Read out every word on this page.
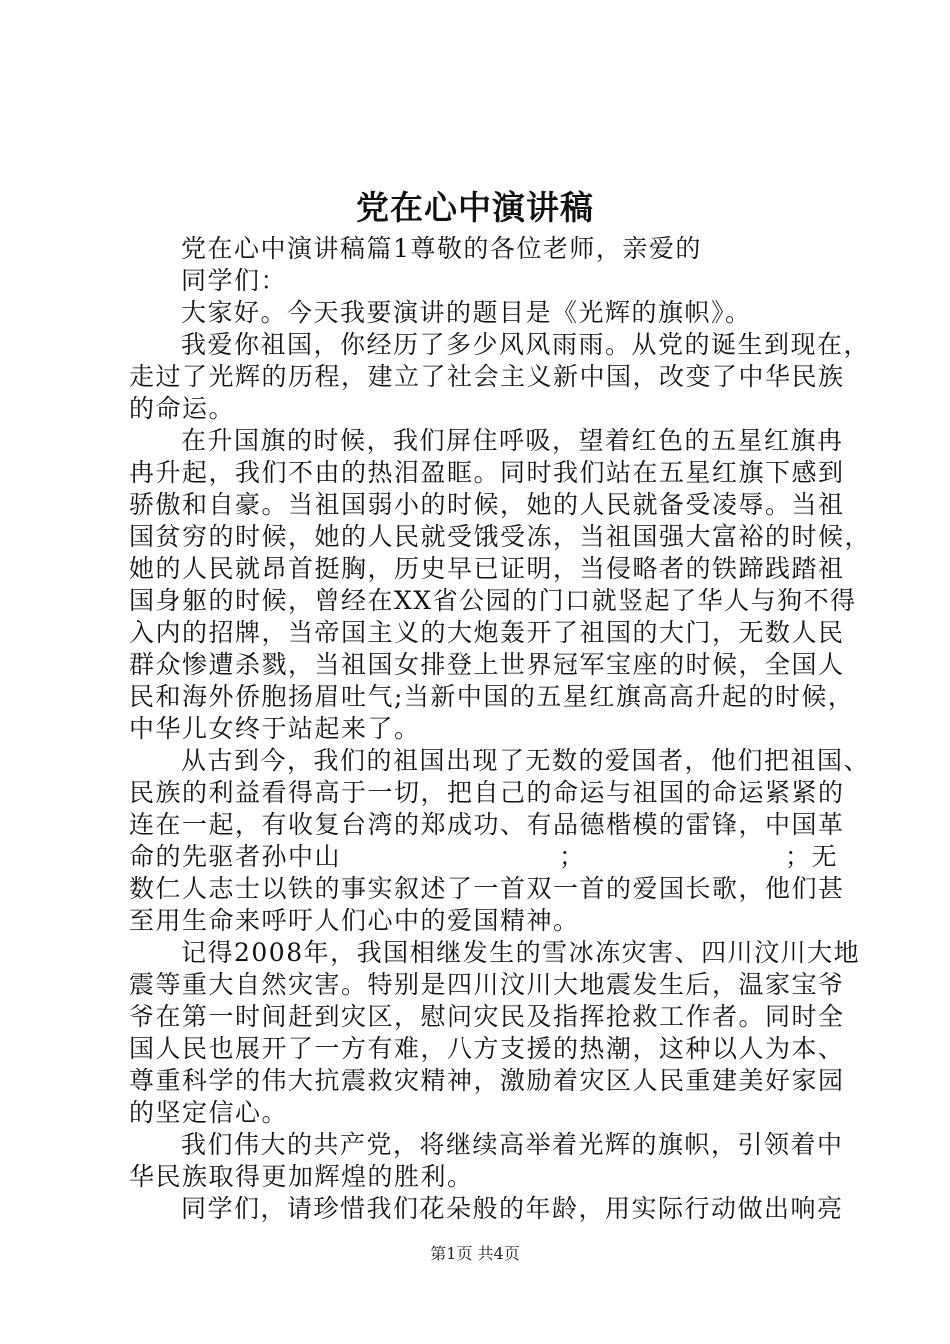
党在心中演讲稿
党在心中演讲稿篇1尊敬的各位老师，亲爱的
同学们：
大家好。今天我要演讲的题目是《光辉的旗帜》。
我爱你祖国，你经历了多少风风雨雨。从党的诞生到现在，
走过了光辉的历程，建立了社会主义新中国，改变了中华民族
的命运。
在升国旗的时候，我们屏住呼吸，望着红色的五星红旗冉
冉升起，我们不由的热泪盈眶。同时我们站在五星红旗下感到
骄傲和自豪。当祖国弱小的时候，她的人民就备受凌辱。当祖
国贫穷的时候，她的人民就受饿受冻，当祖国强大富裕的时候，
她的人民就昂首挺胸，历史早已证明，当侵略者的铁蹄践踏祖
国身躯的时候，曾经在XX省公园的门口就竖起了华人与狗不得
入内的招牌，当帝国主义的大炮轰开了祖国的大门，无数人民
群众惨遭杀戮，当祖国女排登上世界冠军宝座的时候，全国人
民和海外侨胞扬眉吐气;当新中国的五星红旗高高升起的时候，
中华儿女终于站起来了。
从古到今，我们的祖国出现了无数的爱国者，他们把祖国、
民族的利益看得高于一切，把自己的命运与祖国的命运紧紧的
连在一起，有收复台湾的郑成功、有品德楷模的雷锋，中国革
命的先驱者孙中山	；	；无
数仁人志士以铁的事实叙述了一首双一首的爱国长歌，他们甚
至用生命来呼吁人们心中的爱国精神。
记得2008年，我国相继发生的雪冰冻灾害、四川汶川大地
震等重大自然灾害。特别是四川汶川大地震发生后，温家宝爷
爷在第一时间赶到灾区，慰问灾民及指挥抢救工作者。同时全
国人民也展开了一方有难，八方支援的热潮，这种以人为本、
尊重科学的伟大抗震救灾精神，激励着灾区人民重建美好家园
的坚定信心。
我们伟大的共产党，将继续高举着光辉的旗帜，引领着中
华民族取得更加辉煌的胜利。
同学们，请珍惜我们花朵般的年龄，用实际行动做出响亮
第1页 共4页
